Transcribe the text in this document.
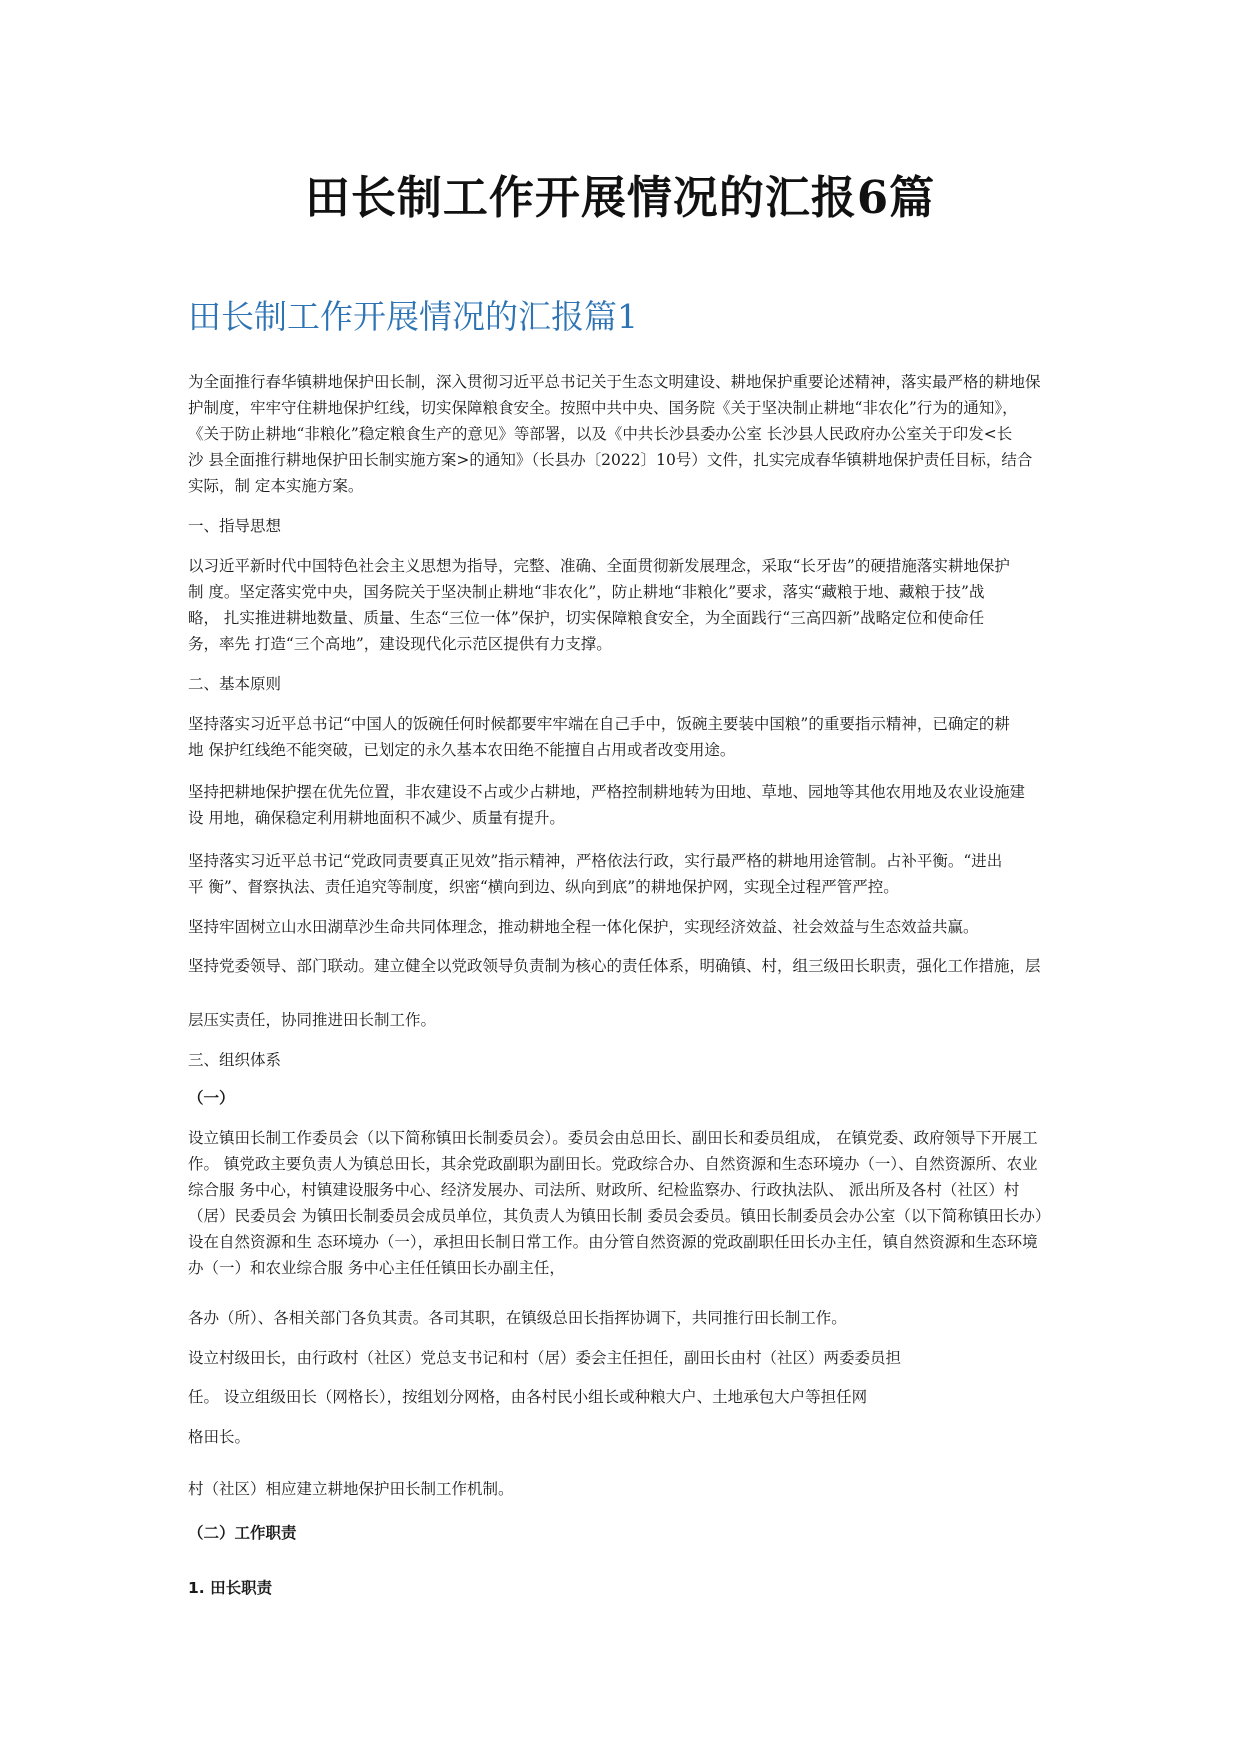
田长制工作开展情况的汇报6篇
田长制工作开展情况的汇报篇1

为全面推行春华镇耕地保护田长制，深入贯彻习近平总书记关于生态文明建设、耕地保护重要论述精神，落实最严格的耕地保

护制度，牢牢守住耕地保护红线，切实保障粮食安全。按照中共中央、国务院《关于坚决制止耕地“非农化”行为的通知》，

《关于防止耕地“非粮化”稳定粮食生产的意见》等部署，以及《中共长沙县委办公室 长沙县人民政府办公室关于印发<长

沙 县全面推行耕地保护田长制实施方案>的通知》（长县办〔2022〕10号）文件，扎实完成春华镇耕地保护责任目标，结合

实际，制 定本实施方案。

一、指导思想

以习近平新时代中国特色社会主义思想为指导，完整、准确、全面贯彻新发展理念，采取“长牙齿”的硬措施落实耕地保护

制 度。坚定落实党中央，国务院关于坚决制止耕地“非农化”，防止耕地“非粮化”要求，落实“藏粮于地、藏粮于技”战

略， 扎实推进耕地数量、质量、生态“三位一体”保护，切实保障粮食安全，为全面践行“三高四新”战略定位和使命任

务，率先 打造“三个高地”，建设现代化示范区提供有力支撑。

二、基本原则

坚持落实习近平总书记“中国人的饭碗任何时候都要牢牢端在自己手中，饭碗主要装中国粮”的重要指示精神，已确定的耕

地 保护红线绝不能突破，已划定的永久基本农田绝不能擅自占用或者改变用途。

坚持把耕地保护摆在优先位置，非农建设不占或少占耕地，严格控制耕地转为田地、草地、园地等其他农用地及农业设施建

设 用地，确保稳定利用耕地面积不减少、质量有提升。

坚持落实习近平总书记“党政同责要真正见效”指示精神，严格依法行政，实行最严格的耕地用途管制。占补平衡。“进出

平 衡”、督察执法、责任追究等制度，织密“横向到边、纵向到底”的耕地保护网，实现全过程严管严控。

坚持牢固树立山水田湖草沙生命共同体理念，推动耕地全程一体化保护，实现经济效益、社会效益与生态效益共赢。

坚持党委领导、部门联动。建立健全以党政领导负责制为核心的责任体系，明确镇、村，组三级田长职责，强化工作措施，层

层压实责任，协同推进田长制工作。

三、组织体系

（一）

设立镇田长制工作委员会（以下简称镇田长制委员会）。委员会由总田长、副田长和委员组成， 在镇党委、政府领导下开展工

作。 镇党政主要负责人为镇总田长，其余党政副职为副田长。党政综合办、自然资源和生态环境办（一）、自然资源所、农业

综合服 务中心，村镇建设服务中心、经济发展办、司法所、财政所、纪检监察办、行政执法队、 派出所及各村（社区）村

（居）民委员会 为镇田长制委员会成员单位，其负责人为镇田长制 委员会委员。镇田长制委员会办公室（以下简称镇田长办）

设在自然资源和生 态环境办（一），承担田长制日常工作。由分管自然资源的党政副职任田长办主任，镇自然资源和生态环境

办（一）和农业综合服 务中心主任任镇田长办副主任，

各办（所）、各相关部门各负其责。各司其职，在镇级总田长指挥协调下，共同推行田长制工作。

设立村级田长，由行政村（社区）党总支书记和村（居）委会主任担任，副田长由村（社区）两委委员担

任。 设立组级田长（网格长），按组划分网格，由各村民小组长或种粮大户、土地承包大户等担任网

格田长。

村（社区）相应建立耕地保护田长制工作机制。

（二）工作职责

1. 田长职责
